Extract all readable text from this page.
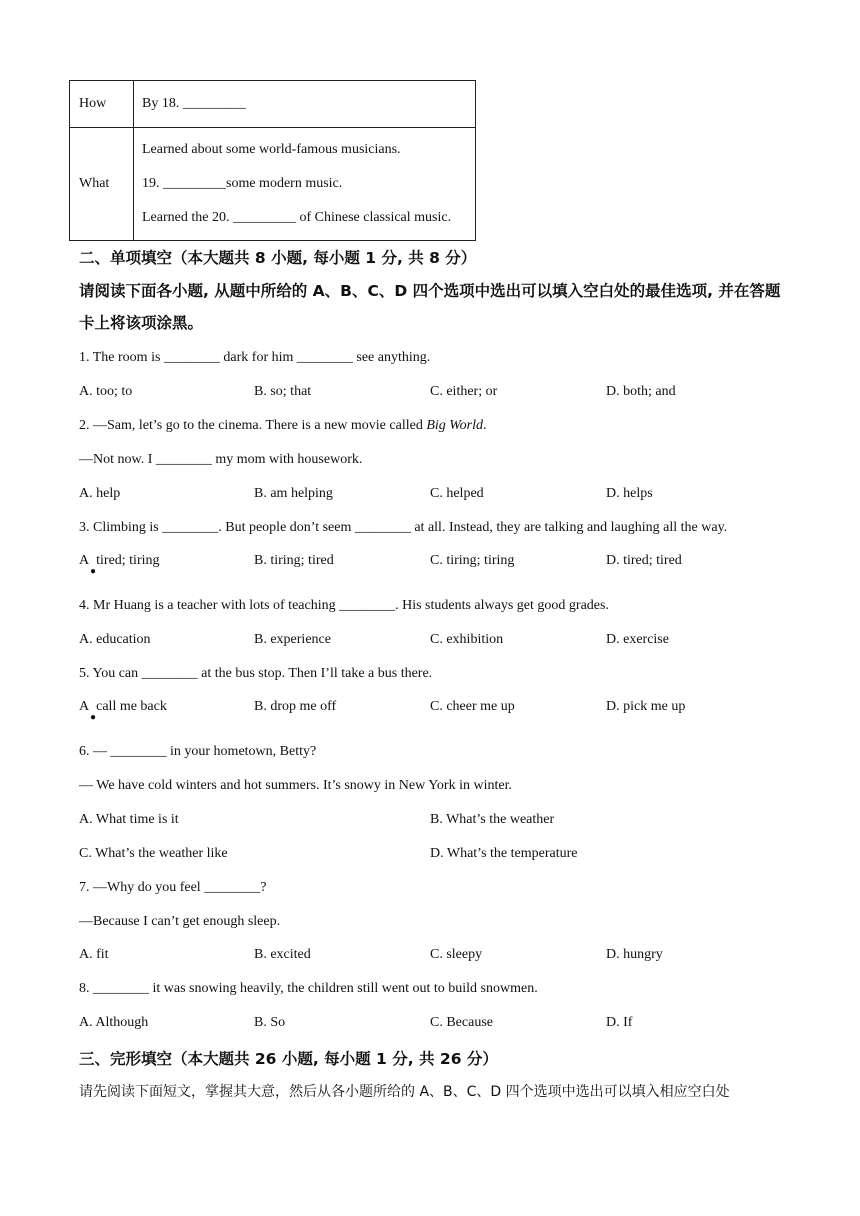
How	By 18. _________

What	Learned about some world-famous musicians.
19. _________some modern music.
Learned the 20. _________ of Chinese classical music.
二、单项填空（本大题共 8 小题, 每小题 1 分, 共 8 分）
请阅读下面各小题, 从题中所给的 A、B、C、D 四个选项中选出可以填入空白处的最佳选项, 并在答题卡上将该项涂黑。
1. The room is ________ dark for him ________ see anything.
A. too; to	B. so; that	C. either; or	D. both; and
2. —Sam, let’s go to the cinema. There is a new movie called Big World.
—Not now. I ________ my mom with housework.
A. help	B. am helping	C. helped	D. helps
3. Climbing is ________. But people don’t seem ________ at all. Instead, they are talking and laughing all the way.
A
●
tired; tiring	B. tiring; tired	C. tiring; tiring	D. tired; tired
4. Mr Huang is a teacher with lots of teaching ________. His students always get good grades.
A. education	B. experience	C. exhibition	D. exercise
5. You can ________ at the bus stop. Then I’ll take a bus there.
A
●
call me back	B. drop me off	C. cheer me up	D. pick me up
6. — ________ in your hometown, Betty?
— We have cold winters and hot summers. It’s snowy in New York in winter.
A. What time is it	B. What’s the weather
C. What’s the weather like	D. What’s the temperature
7. —Why do you feel ________?
—Because I can’t get enough sleep.
A. fit	B. excited	C. sleepy	D. hungry
8. ________ it was snowing heavily, the children still went out to build snowmen.
A. Although	B. So	C. Because	D. If
三、完形填空（本大题共 26 小题, 每小题 1 分, 共 26 分）
请先阅读下面短文，掌握其大意，然后从各小题所给的 A、B、C、D 四个选项中选出可以填入相应空白处
